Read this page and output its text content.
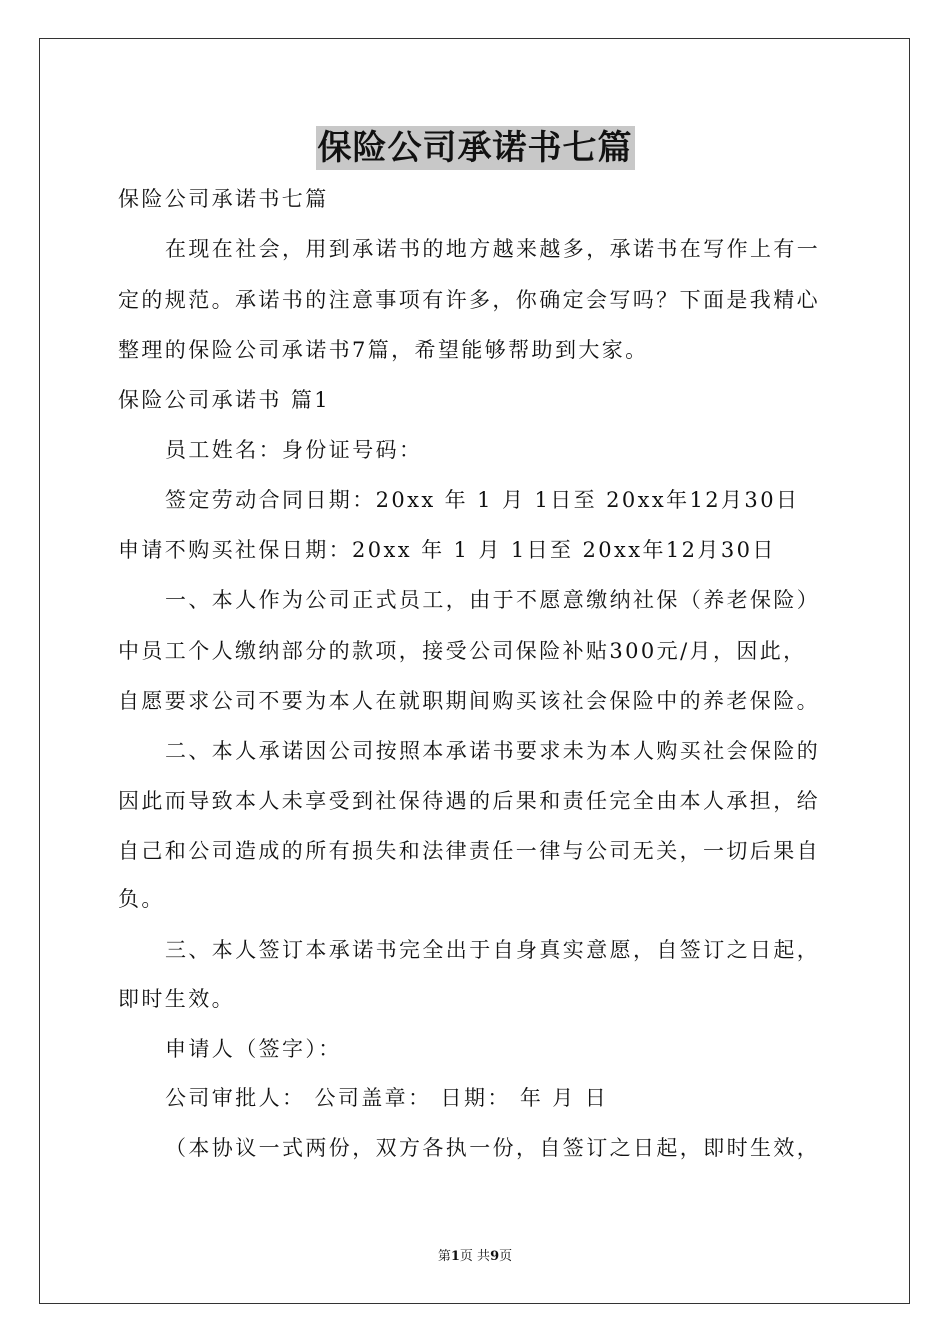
保险公司承诺书七篇
保险公司承诺书七篇
在现在社会，用到承诺书的地方越来越多，承诺书在写作上有一
定的规范。承诺书的注意事项有许多，你确定会写吗？下面是我精心
整理的保险公司承诺书7篇，希望能够帮助到大家。
保险公司承诺书 篇1
员工姓名：身份证号码：
签定劳动合同日期：20xx 年 1 月 1日至 20xx年12月30日
申请不购买社保日期：20xx 年 1 月 1日至 20xx年12月30日
一、本人作为公司正式员工，由于不愿意缴纳社保（养老保险）
中员工个人缴纳部分的款项，接受公司保险补贴300元/月，因此，
自愿要求公司不要为本人在就职期间购买该社会保险中的养老保险。
二、本人承诺因公司按照本承诺书要求未为本人购买社会保险的
因此而导致本人未享受到社保待遇的后果和责任完全由本人承担，给
自己和公司造成的所有损失和法律责任一律与公司无关，一切后果自
负。
三、本人签订本承诺书完全出于自身真实意愿，自签订之日起，
即时生效。
申请人（签字）：
公司审批人： 公司盖章： 日期： 年 月 日
（本协议一式两份，双方各执一份，自签订之日起，即时生效，
第1页 共9页
